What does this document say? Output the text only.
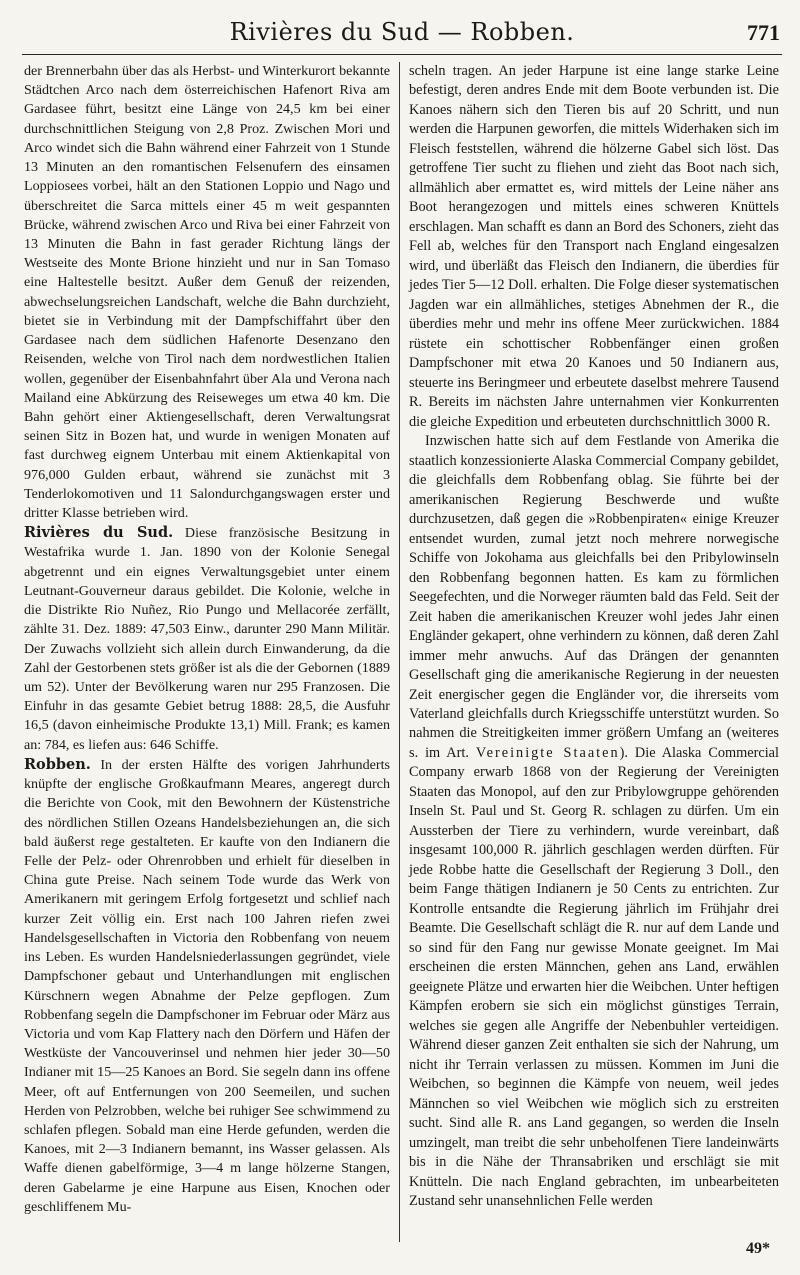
Rivières du Sud — Robben.	771

der Brennerbahn über das als Herbst- und Winterkurort bekannte Städtchen Arco nach dem österreichischen Hafenort Riva am Gardasee führt, besitzt eine Länge von 24,5 km bei einer durchschnittlichen Steigung von 2,8 Proz. Zwischen Mori und Arco windet sich die Bahn während einer Fahrzeit von 1 Stunde 13 Minuten an den romantischen Felsenufern des einsamen Loppiosees vorbei, hält an den Stationen Loppio und Nago und überschreitet die Sarca mittels einer 45 m weit gespannten Brücke, während zwischen Arco und Riva bei einer Fahrzeit von 13 Minuten die Bahn in fast gerader Richtung längs der Westseite des Monte Brione hinzieht und nur in San Tomaso eine Haltestelle besitzt. Außer dem Genuß der reizenden, abwechselungsreichen Landschaft, welche die Bahn durchzieht, bietet sie in Verbindung mit der Dampfschiffahrt über den Gardasee nach dem südlichen Hafenorte Desenzano den Reisenden, welche von Tirol nach dem nordwestlichen Italien wollen, gegenüber der Eisenbahnfahrt über Ala und Verona nach Mailand eine Abkürzung des Reiseweges um etwa 40 km. Die Bahn gehört einer Aktiengesellschaft, deren Verwaltungsrat seinen Sitz in Bozen hat, und wurde in wenigen Monaten auf fast durchweg eignem Unterbau mit einem Aktienkapital von 976,000 Gulden erbaut, während sie zunächst mit 3 Tenderlokomotiven und 11 Salondurchgangswagen erster und dritter Klasse betrieben wird.

Rivières du Sud. Diese französische Besitzung in Westafrika wurde 1. Jan. 1890 von der Kolonie Senegal abgetrennt und ein eignes Verwaltungsgebiet unter einem Leutnant-Gouverneur daraus gebildet. Die Kolonie, welche in die Distrikte Rio Nuñez, Rio Pungo und Mellacorée zerfällt, zählte 31. Dez. 1889: 47,503 Einw., darunter 290 Mann Militär. Der Zuwachs vollzieht sich allein durch Einwanderung, da die Zahl der Gestorbenen stets größer ist als die der Gebornen (1889 um 52). Unter der Bevölkerung waren nur 295 Franzosen. Die Einfuhr in das gesamte Gebiet betrug 1888: 28,5, die Ausfuhr 16,5 (davon einheimische Produkte 13,1) Mill. Frank; es kamen an: 784, es liefen aus: 646 Schiffe.

Robben. In der ersten Hälfte des vorigen Jahrhunderts knüpfte der englische Großkaufmann Meares, angeregt durch die Berichte von Cook, mit den Bewohnern der Küstenstriche des nördlichen Stillen Ozeans Handelsbeziehungen an, die sich bald äußerst rege gestalteten. Er kaufte von den Indianern die Felle der Pelz- oder Ohrenrobben und erhielt für dieselben in China gute Preise. Nach seinem Tode wurde das Werk von Amerikanern mit geringem Erfolg fortgesetzt und schlief nach kurzer Zeit völlig ein. Erst nach 100 Jahren riefen zwei Handelsgesellschaften in Victoria den Robbenfang von neuem ins Leben. Es wurden Handelsniederlassungen gegründet, viele Dampfschoner gebaut und Unterhandlungen mit englischen Kürschnern wegen Abnahme der Pelze gepflogen. Zum Robbenfang segeln die Dampfschoner im Februar oder März aus Victoria und vom Kap Flattery nach den Dörfern und Häfen der Westküste der Vancouverinsel und nehmen hier jeder 30—50 Indianer mit 15—25 Kanoes an Bord. Sie segeln dann ins offene Meer, oft auf Entfernungen von 200 Seemeilen, und suchen Herden von Pelzrobben, welche bei ruhiger See schwimmend zu schlafen pflegen. Sobald man eine Herde gefunden, werden die Kanoes, mit 2—3 Indianern bemannt, ins Wasser gelassen. Als Waffe dienen gabelförmige, 3—4 m lange hölzerne Stangen, deren Gabelarme je eine Harpune aus Eisen, Knochen oder geschliffenem Mu-

scheln tragen. An jeder Harpune ist eine lange starke Leine befestigt, deren andres Ende mit dem Boote verbunden ist. Die Kanoes nähern sich den Tieren bis auf 20 Schritt, und nun werden die Harpunen geworfen, die mittels Widerhaken sich im Fleisch feststellen, während die hölzerne Gabel sich löst. Das getroffene Tier sucht zu fliehen und zieht das Boot nach sich, allmählich aber ermattet es, wird mittels der Leine näher ans Boot herangezogen und mittels eines schweren Knüttels erschlagen. Man schafft es dann an Bord des Schoners, zieht das Fell ab, welches für den Transport nach England eingesalzen wird, und überläßt das Fleisch den Indianern, die überdies für jedes Tier 5—12 Doll. erhalten. Die Folge dieser systematischen Jagden war ein allmähliches, stetiges Abnehmen der R., die überdies mehr und mehr ins offene Meer zurückwichen. 1884 rüstete ein schottischer Robbenfänger einen großen Dampfschoner mit etwa 20 Kanoes und 50 Indianern aus, steuerte ins Beringmeer und erbeutete daselbst mehrere Tausend R. Bereits im nächsten Jahre unternahmen vier Konkurrenten die gleiche Expedition und erbeuteten durchschnittlich 3000 R.

Inzwischen hatte sich auf dem Festlande von Amerika die staatlich konzessionierte Alaska Commercial Company gebildet, die gleichfalls dem Robbenfang oblag. Sie führte bei der amerikanischen Regierung Beschwerde und wußte durchzusetzen, daß gegen die »Robbenpiraten« einige Kreuzer entsendet wurden, zumal jetzt noch mehrere norwegische Schiffe von Jokohama aus gleichfalls bei den Pribylowinseln den Robbenfang begonnen hatten. Es kam zu förmlichen Seegefechten, und die Norweger räumten bald das Feld. Seit der Zeit haben die amerikanischen Kreuzer wohl jedes Jahr einen Engländer gekapert, ohne verhindern zu können, daß deren Zahl immer mehr anwuchs. Auf das Drängen der genannten Gesellschaft ging die amerikanische Regierung in der neuesten Zeit energischer gegen die Engländer vor, die ihrerseits vom Vaterland gleichfalls durch Kriegsschiffe unterstützt wurden. So nahmen die Streitigkeiten immer größern Umfang an (weiteres s. im Art. Vereinigte Staaten). Die Alaska Commercial Company erwarb 1868 von der Regierung der Vereinigten Staaten das Monopol, auf den zur Pribylowgruppe gehörenden Inseln St. Paul und St. Georg R. schlagen zu dürfen. Um ein Aussterben der Tiere zu verhindern, wurde vereinbart, daß insgesamt 100,000 R. jährlich geschlagen werden dürften. Für jede Robbe hatte die Gesellschaft der Regierung 3 Doll., den beim Fange thätigen Indianern je 50 Cents zu entrichten. Zur Kontrolle entsandte die Regierung jährlich im Frühjahr drei Beamte. Die Gesellschaft schlägt die R. nur auf dem Lande und so sind für den Fang nur gewisse Monate geeignet. Im Mai erscheinen die ersten Männchen, gehen ans Land, erwählen geeignete Plätze und erwarten hier die Weibchen. Unter heftigen Kämpfen erobern sie sich ein möglichst günstiges Terrain, welches sie gegen alle Angriffe der Nebenbuhler verteidigen. Während dieser ganzen Zeit enthalten sie sich der Nahrung, um nicht ihr Terrain verlassen zu müssen. Kommen im Juni die Weibchen, so beginnen die Kämpfe von neuem, weil jedes Männchen so viel Weibchen wie möglich sich zu erstreiten sucht. Sind alle R. ans Land gegangen, so werden die Inseln umzingelt, man treibt die sehr unbeholfenen Tiere landeinwärts bis in die Nähe der Thransabriken und erschlägt sie mit Knütteln. Die nach England gebrachten, im unbearbeiteten Zustand sehr unansehnlichen Felle werden

49*
